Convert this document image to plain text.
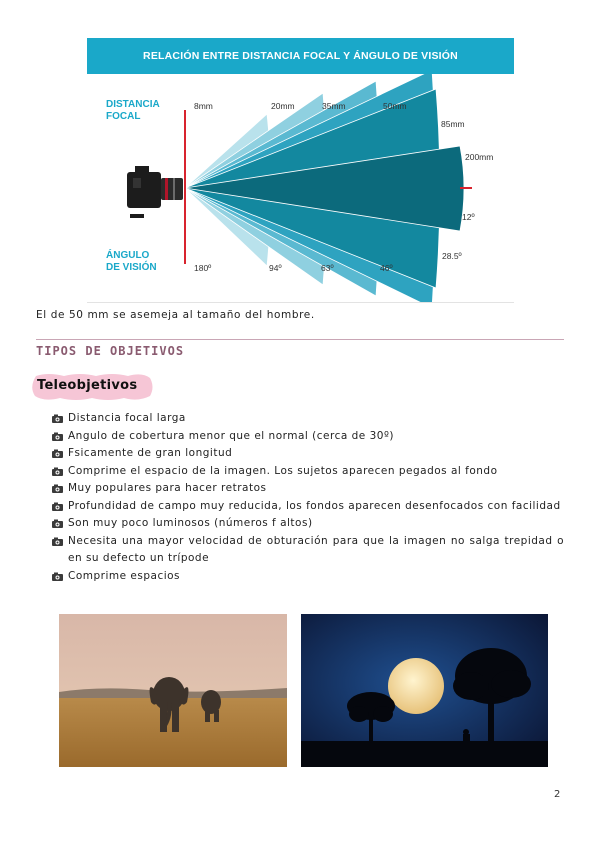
RELACIÓN ENTRE DISTANCIA FOCAL Y ÁNGULO DE VISIÓN
DISTANCIA
FOCAL
ÁNGULO
DE VISIÓN
8mm	20mm	35mm	50mm
85mm
200mm
180º	94º	63º	46º
28.5º
12º
El de 50 mm se asemeja al tamaño del hombre.
TIPOS DE OBJETIVOS
Teleobjetivos
Distancia focal larga
Angulo de cobertura menor que el normal (cerca de 30º)
Fsicamente de gran longitud
Comprime el espacio de la imagen. Los sujetos aparecen pegados al fondo
Muy populares para hacer retratos
Profundidad de campo muy reducida, los fondos aparecen desenfocados con facilidad
Son muy poco luminosos (números f altos)
Necesita una mayor velocidad de obturación para que la imagen no salga trepidad o en su defecto un trípode
Comprime espacios
2
